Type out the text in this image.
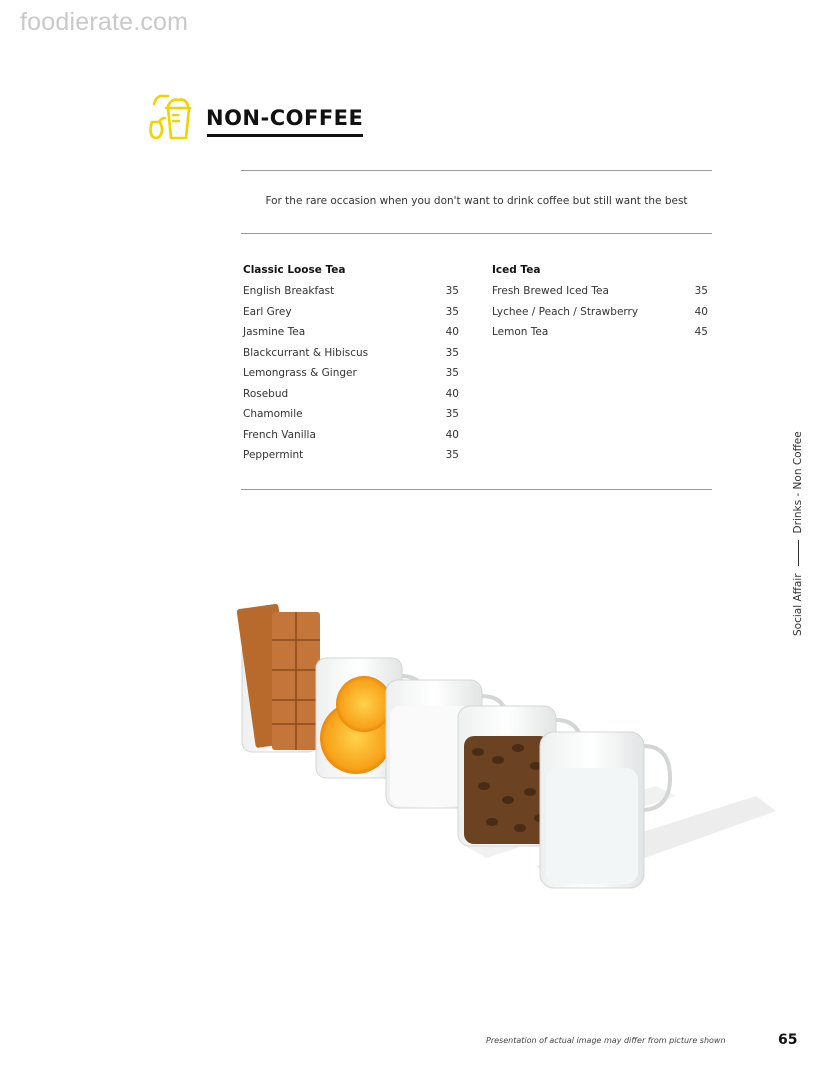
foodierate.com
NON-COFFEE
For the rare occasion when you don't want to drink coffee but still want the best
Classic Loose Tea
English Breakfast	35
Earl Grey	35
Jasmine Tea	40
Blackcurrant & Hibiscus	35
Lemongrass & Ginger	35
Rosebud	40
Chamomile	35
French Vanilla	40
Peppermint	35
Iced Tea
Fresh Brewed Iced Tea	35
Lychee / Peach / Strawberry	40
Lemon Tea	45
Social Affair
Drinks - Non Coffee
Presentation of actual image may differ from picture shown	65
